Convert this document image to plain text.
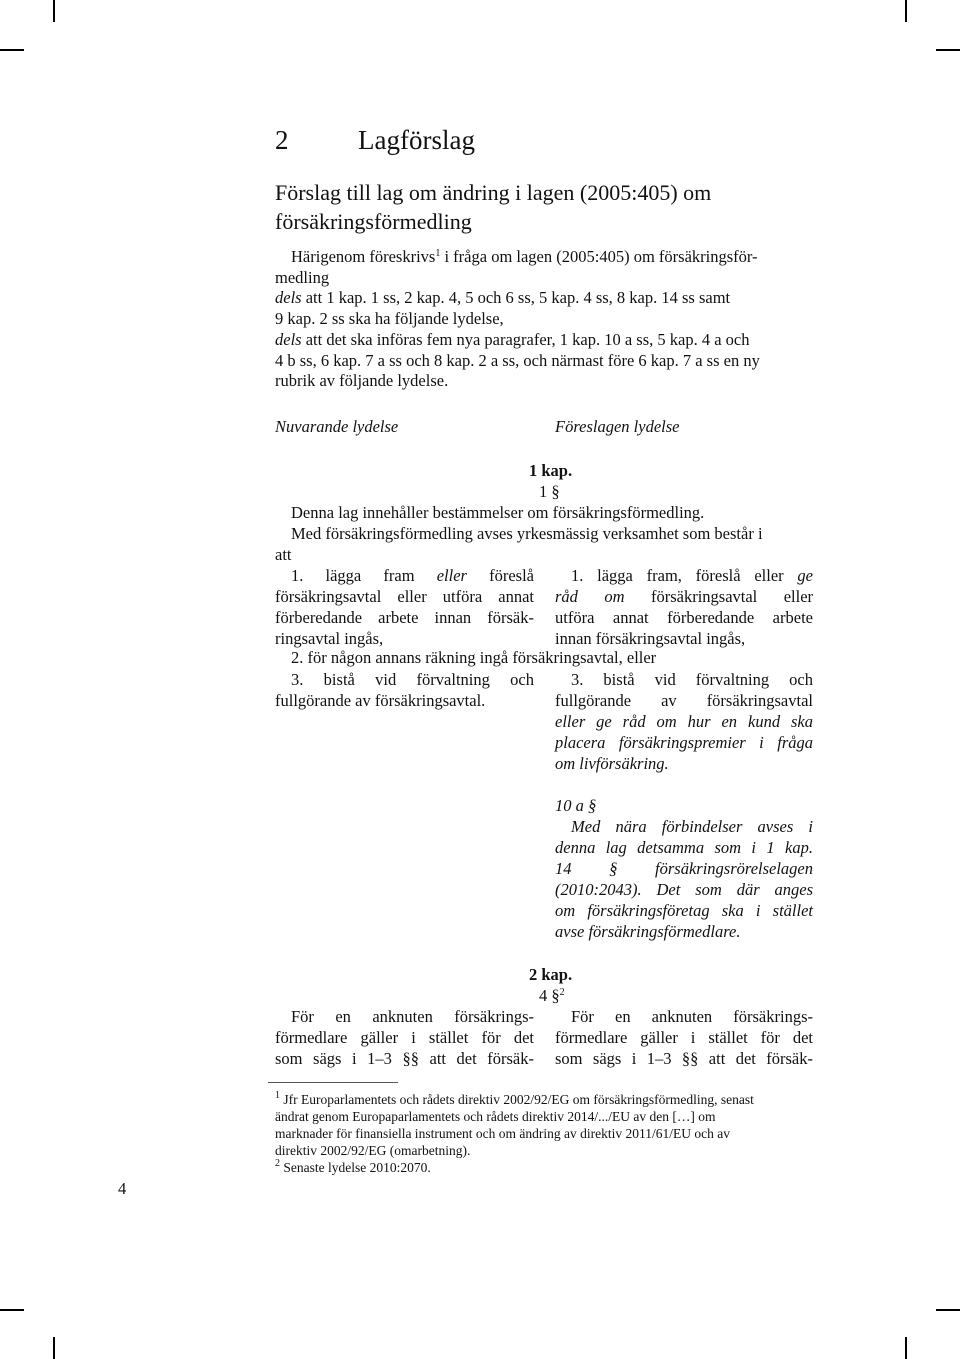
2	Lagförslag
Förslag till lag om ändring i lagen (2005:405) om
försäkringsförmedling
Härigenom föreskrivs$^1$ i fråga om lagen (2005:405) om försäkringsför-
medling
dels att 1 kap. 1 ss, 2 kap. 4, 5 och 6 ss, 5 kap. 4 ss, 8 kap. 14 ss samt
9 kap. 2 ss ska ha följande lydelse,
dels att det ska införas fem nya paragrafer, 1 kap. 10 a ss, 5 kap. 4 a och
4 b ss, 6 kap. 7 a ss och 8 kap. 2 a ss, och närmast före 6 kap. 7 a ss en ny
rubrik av följande lydelse.
Nuvarande lydelse	Föreslagen lydelse
1 kap.
1 §
Denna lag innehåller bestämmelser om försäkringsförmedling.
Med försäkringsförmedling avses yrkesmässig verksamhet som består i
att
1. lägga fram eller föreslå
försäkringsavtal eller utföra annat
förberedande arbete innan försäk-
ringsavtal ingås,
1. lägga fram, föreslå eller ge
råd om försäkringsavtal eller
utföra annat förberedande arbete
innan försäkringsavtal ingås,
2. för någon annans räkning ingå försäkringsavtal, eller
3. bistå vid förvaltning och
fullgörande av försäkringsavtal.
3. bistå vid förvaltning och
fullgörande av försäkringsavtal
eller ge råd om hur en kund ska
placera försäkringspremier i fråga
om livförsäkring.
10 a §
Med nära förbindelser avses i
denna lag detsamma som i 1 kap.
14 § försäkringsrörelselagen
(2010:2043). Det som där anges
om försäkringsföretag ska i stället
avse försäkringsförmedlare.
2 kap.
4 §$^2$
För en anknuten försäkrings-
förmedlare gäller i stället för det
som sägs i 1–3 §§ att det försäk-
För en anknuten försäkrings-
förmedlare gäller i stället för det
som sägs i 1–3 §§ att det försäk-
$^1$ Jfr Europarlamentets och rådets direktiv 2002/92/EG om försäkringsförmedling, senast
ändrat genom Europaparlamentets och rådets direktiv 2014/.../EU av den […] om
marknader för finansiella instrument och om ändring av direktiv 2011/61/EU och av
direktiv 2002/92/EG (omarbetning).
$^2$ Senaste lydelse 2010:2070.
4
